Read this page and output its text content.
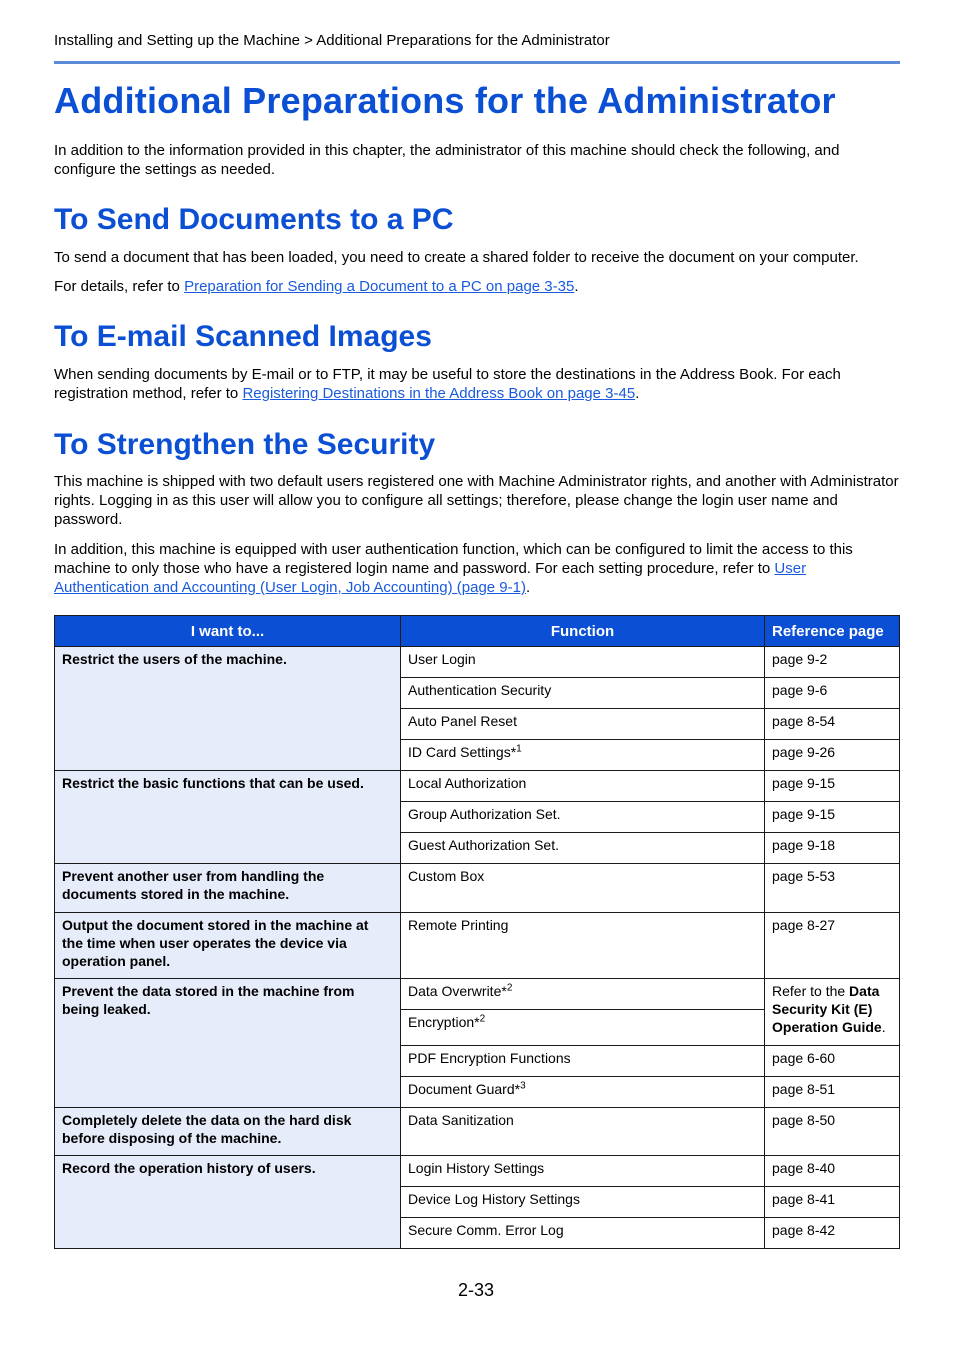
Installing and Setting up the Machine > Additional Preparations for the Administrator
Additional Preparations for the Administrator

In addition to the information provided in this chapter, the administrator of this machine should check the following, and configure the settings as needed.

To Send Documents to a PC

To send a document that has been loaded, you need to create a shared folder to receive the document on your computer.

For details, refer to Preparation for Sending a Document to a PC on page 3-35.

To E-mail Scanned Images

When sending documents by E-mail or to FTP, it may be useful to store the destinations in the Address Book. For each registration method, refer to Registering Destinations in the Address Book on page 3-45.

To Strengthen the Security

This machine is shipped with two default users registered one with Machine Administrator rights, and another with Administrator rights. Logging in as this user will allow you to configure all settings; therefore, please change the login user name and password.

In addition, this machine is equipped with user authentication function, which can be configured to limit the access to this machine to only those who have a registered login name and password. For each setting procedure, refer to User Authentication and Accounting (User Login, Job Accounting) (page 9-1).

I want to...	Function	Reference page
Restrict the users of the machine.	User Login	page 9-2
	Authentication Security	page 9-6
	Auto Panel Reset	page 8-54
	ID Card Settings*$^1$	page 9-26
Restrict the basic functions that can be used.	Local Authorization	page 9-15
	Group Authorization Set.	page 9-15
	Guest Authorization Set.	page 9-18
Prevent another user from handling the documents stored in the machine.	Custom Box	page 5-53
Output the document stored in the machine at the time when user operates the device via operation panel.	Remote Printing	page 8-27
Prevent the data stored in the machine from being leaked.	Data Overwrite*$^2$	Refer to the Data Security Kit (E) Operation Guide.
	Encryption*$^2$
	PDF Encryption Functions	page 6-60
	Document Guard*$^3$	page 8-51
Completely delete the data on the hard disk before disposing of the machine.	Data Sanitization	page 8-50
Record the operation history of users.	Login History Settings	page 8-40
	Device Log History Settings	page 8-41
	Secure Comm. Error Log	page 8-42
2-33
